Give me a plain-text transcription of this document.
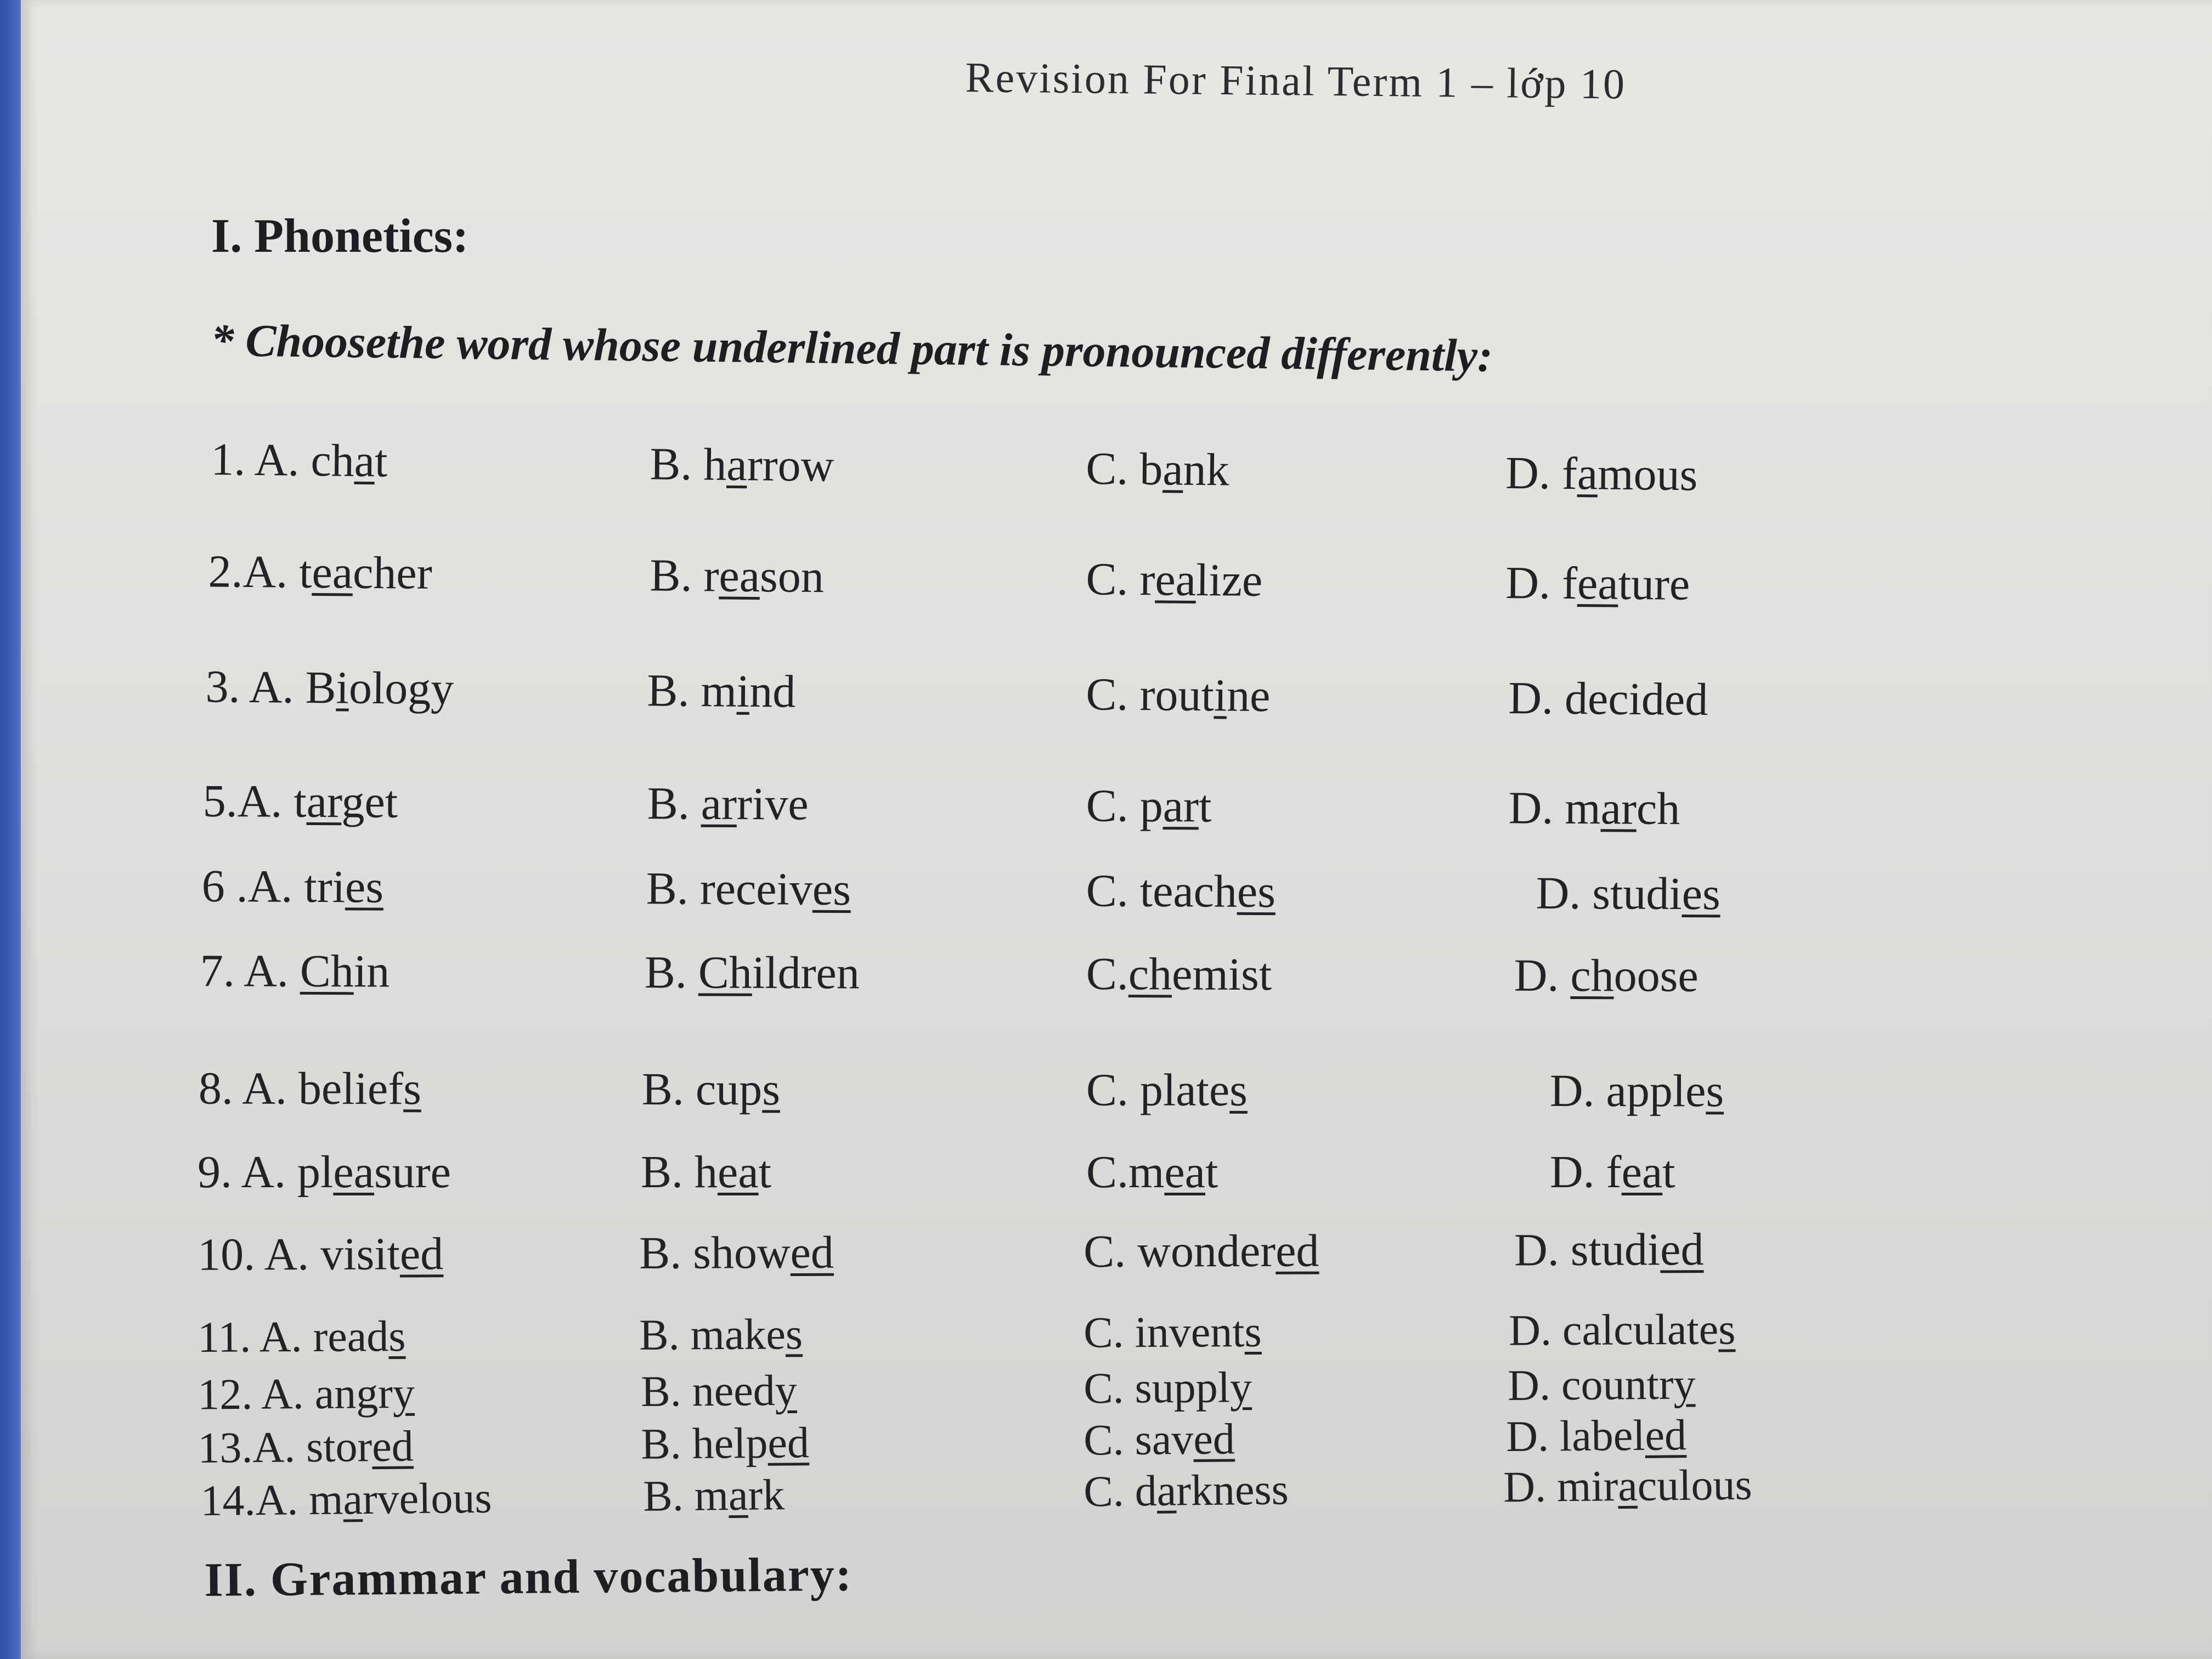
Revision For Final Term 1 – lớp 10
I. Phonetics:
* Choosethe word whose underlined part is pronounced differently:
1. A. chat	B. harrow	C. bank	D. famous
2.A. teacher	B. reason	C. realize	D. feature
3. A. Biology	B. mind	C. routine	D. decided
5.A. target	B. arrive	C. part	D. march
6 .A. tries	B. receives	C. teaches	D. studies
7. A. Chin	B. Children	C.chemist	D. choose
8. A. beliefs	B. cups	C. plates	D. apples
9. A. pleasure	B. heat	C.meat	D. feat
10. A. visited	B. showed	C. wondered	D. studied
11. A. reads	B. makes	C. invents	D. calculates
12. A. angry	B. needy	C. supply	D. country
13.A. stored	B. helped	C. saved	D. labeled
14.A. marvelous	B. mark	C. darkness	D. miraculous
II. Grammar and vocabulary:
